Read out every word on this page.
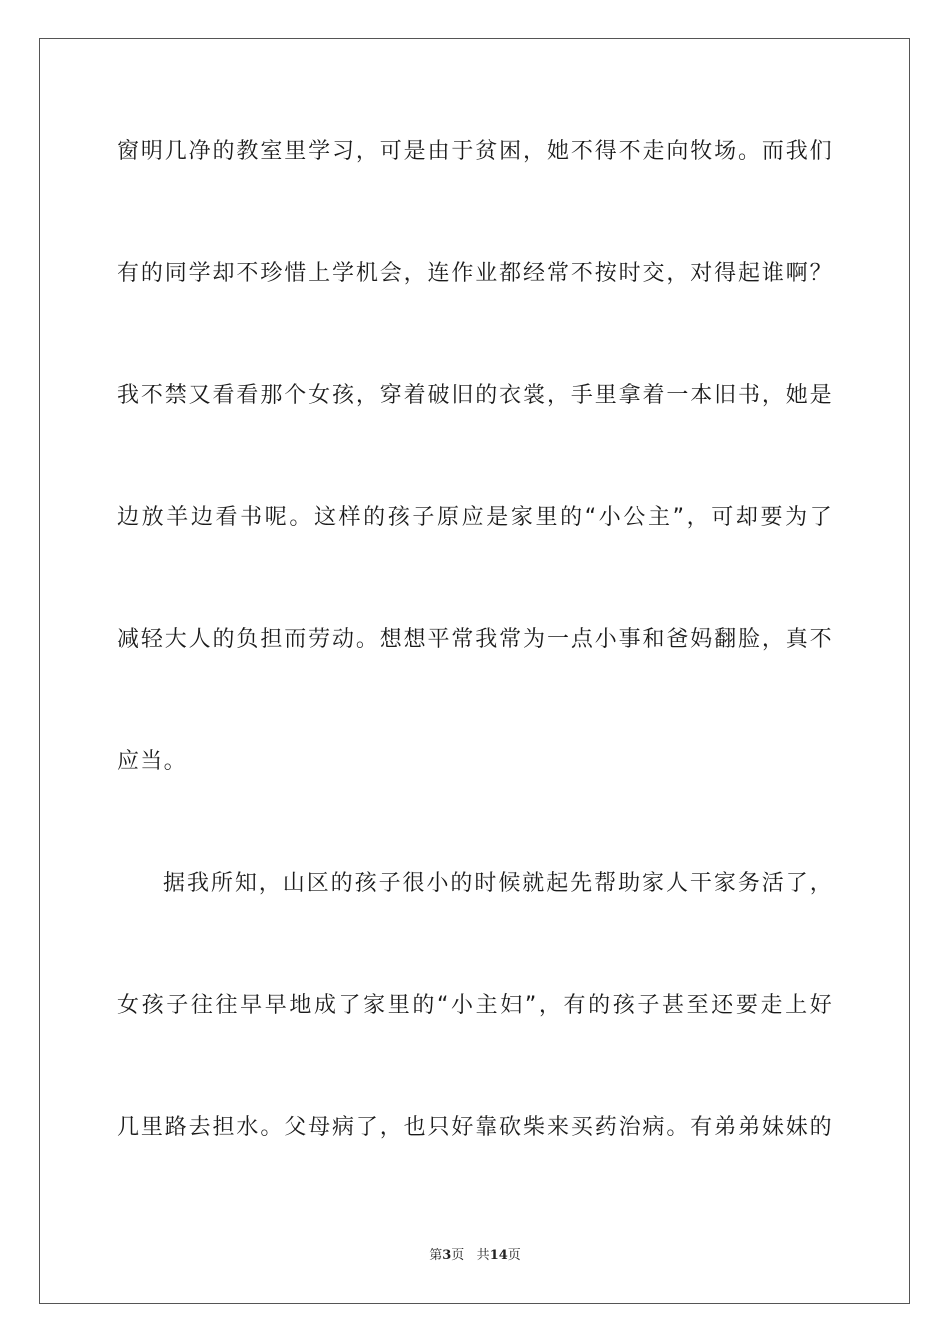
窗明几净的教室里学习，可是由于贫困，她不得不走向牧场。而我们
有的同学却不珍惜上学机会，连作业都经常不按时交，对得起谁啊？
我不禁又看看那个女孩，穿着破旧的衣裳，手里拿着一本旧书，她是
边放羊边看书呢。这样的孩子原应是家里的“小公主”，可却要为了
减轻大人的负担而劳动。想想平常我常为一点小事和爸妈翻脸，真不
应当。
据我所知，山区的孩子很小的时候就起先帮助家人干家务活了，
女孩子往往早早地成了家里的“小主妇”，有的孩子甚至还要走上好
几里路去担水。父母病了，也只好靠砍柴来买药治病。有弟弟妹妹的
第3页 共14页
